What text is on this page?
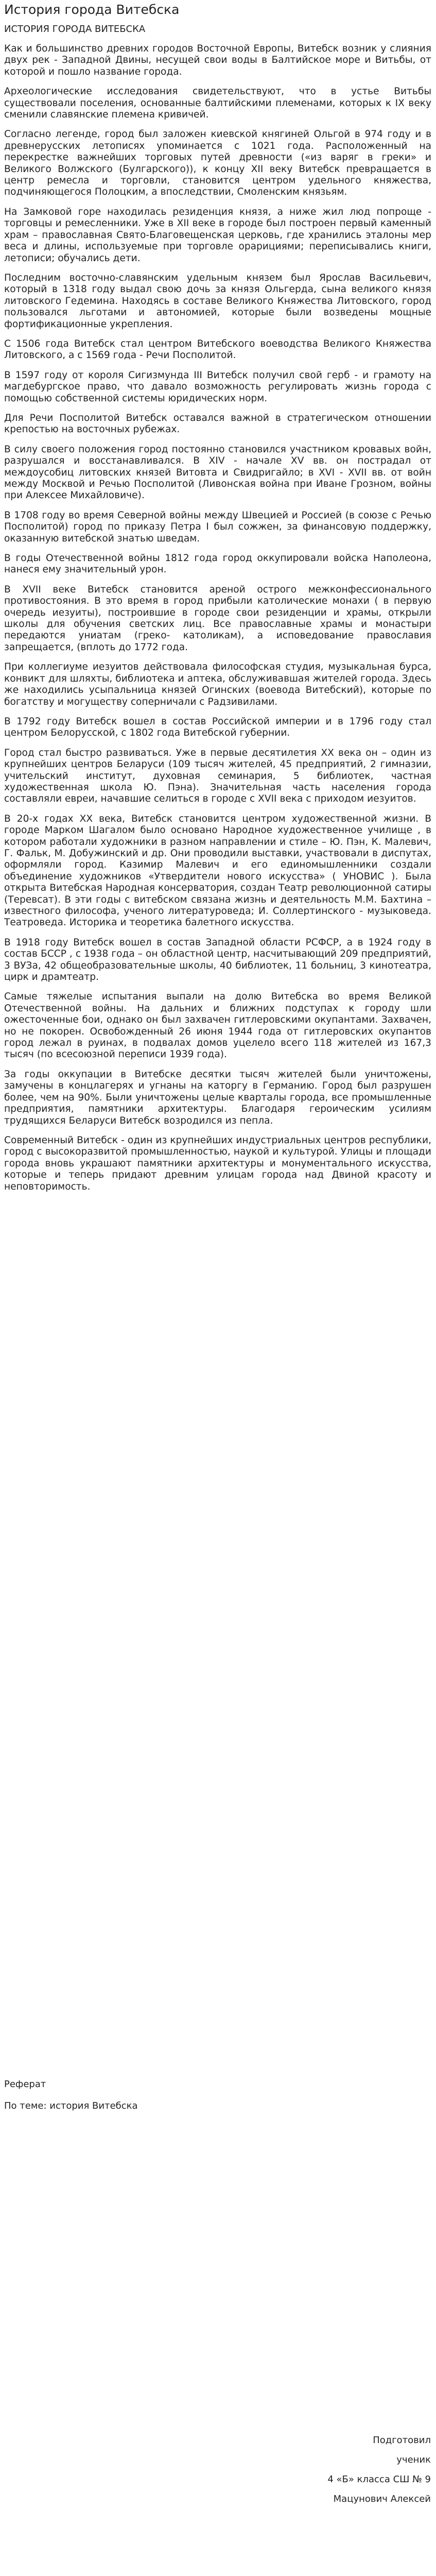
История города Витебска
ИСТОРИЯ ГОРОДА ВИТЕБСКА

Как и большинство древних городов Восточной Европы, Витебск возник у слияния двух рек - Западной Двины, несущей свои воды в Балтийское море и Витьбы, от которой и пошло название города.

Археологические исследования свидетельствуют, что в устье Витьбы существовали поселения, основанные балтийскими племенами, которых к IX веку сменили славянские племена кривичей.

Согласно легенде, город был заложен киевской княгиней Ольгой в 974 году и в древнерусских летописях упоминается с 1021 года. Расположенный на перекрестке важнейших торговых путей древности («из варяг в греки» и Великого Волжского (Булгарского)), к концу XII веку Витебск превращается в центр ремесла и торговли, становится центром удельного княжества, подчиняющегося Полоцким, а впоследствии, Смоленским князьям.

На Замковой горе находилась резиденция князя, а ниже жил люд попроще - торговцы и ремесленники. Уже в XII веке в городе был построен первый каменный храм – православная Свято-Благовещенская церковь, где хранились эталоны мер веса и длины, используемые при торговле орарициями; переписывались книги, летописи; обучались дети.

Последним восточно-славянским удельным князем был Ярослав Васильевич, который в 1318 году выдал свою дочь за князя Ольгерда, сына великого князя литовского Гедемина. Находясь в составе Великого Княжества Литовского, город пользовался льготами и автономией, которые были возведены мощные фортификационные укрепления.

С 1506 года Витебск стал центром Витебского воеводства Великого Княжества Литовского, а с 1569 года - Речи Посполитой.

В 1597 году от короля Сигизмунда III Витебск получил свой герб - и грамоту на магдебургское право, что давало возможность регулировать жизнь города с помощью собственной системы юридических норм.

Для Речи Посполитой Витебск оставался важной в стратегическом отношении крепостью на восточных рубежах.

В силу своего положения город постоянно становился участником кровавых войн, разрушался и восстанавливался. В XIV - начале XV вв. он постpадал от междоусобиц литовских князей Витовта и Свидригайло; в XVI - XVII вв. от войн между Москвой и Речью Посполитой (Ливонская война при Иване Грозном, войны при Алексее Михайловиче).

В 1708 году во время Северной войны между Швецией и Россией (в союзе с Речью Посполитой) город по приказу Петра I был сожжен, за финансовую поддержку, оказанную витебской знатью шведам.

В годы Отечественной войны 1812 года город оккупировали войска Наполеона, нанеся ему значительный урон.

В XVII веке Витебск становится ареной острого межконфессионального противостояния. В это время в город прибыли католические монахи ( в первую очередь иезуиты), построившие в городе свои резиденции и храмы, открыли школы для обучения светских лиц. Все православные храмы и монастыри передаются униатам (греко- католикам), а исповедование православия запрещается, (вплоть до 1772 года.

При коллегиуме иезуитов действовала философская студия, музыкальная бурса, конвикт для шляхты, библиотека и аптека, обслуживавшая жителей города. Здесь же находились усыпальница князей Огинских (воевода Витебский), которые по богатству и могуществу соперничали с Радзивилами.

В 1792 году Витебск вошел в состав Российской империи и в 1796 году стал центром Белорусской, с 1802 года Витебской губернии.

Город стал быстро развиваться. Уже в первые десятилетия XX века он – один из крупнейших центров Беларуси (109 тысяч жителей, 45 предприятий, 2 гимназии, учительский институт, духовная семинария, 5 библиотек, частная художественная школа Ю. Пэна). Значительная часть населения города составляли евреи, начавшие селиться в городе с XVII века с приходом иезуитов.

В 20-х годах XX века, Витебск становится центром художественной жизни. В городе Марком Шагалом было основано Народное художественное училище , в котором работали художники в разном направлении и стиле – Ю. Пэн, К. Малевич, Г. Фальк, М. Добужинский и др. Они проводили выставки, участвовали в диспутах, оформляли город. Казимир Малевич и его единомышленники создали объединение художников «Утвердители нового искусства» ( УНОВИС ). Была открыта Витебская Народная консерватория, создан Театр революционной сатиры (Теревсат). В эти годы с витебском связана жизнь и деятельность М.М. Бахтина – известного философа, ученого литературоведа; И. Соллертинского - музыковеда. Театроведа. Историка и теоретика балетного искусства.

В 1918 году Витебск вошел в состав Западной области РСФСР, а в 1924 году в состав БССР , с 1938 года – он областной центр, насчитывающий 209 предприятий, 3 ВУЗа, 42 общеобразовательные школы, 40 библиотек, 11 больниц, 3 кинотеатра, цирк и драмтеатр.

Самые тяжелые испытания выпали на долю Витебска во время Великой Отечественной войны. На дальних и ближних подступах к городу шли ожесточенные бои, однако он был захвачен гитлеровскими окупантами. Захвачен, но не покорен. Освобожденный 26 июня 1944 года от гитлеровских окупантов город лежал в руинах, в подвалах домов уцелело всего 118 жителей из 167,3 тысяч (по всесоюзной переписи 1939 года).

За годы оккупации в Витебске десятки тысяч жителей были уничтожены, замучены в концлагерях и угнаны на каторгу в Германию. Город был разрушен более, чем на 90%. Были уничтожены целые кварталы города, все промышленные предприятия, памятники архитектуры. Благодаря героическим усилиям трудящихся Беларуси Витебск возродился из пепла.

Современный Витебск - один из крупнейших индустриальных центров республики, город с высокоразвитой промышленностью, наукой и культурой. Улицы и площади города вновь украшают памятники архитектуры и монументального искусства, которые и теперь придают древним улицам города над Двиной красоту и неповторимость.

Реферат

По теме: история Витебска

Подготовил
ученик
4 «Б» класса СШ № 9
Мацунович Алексей
